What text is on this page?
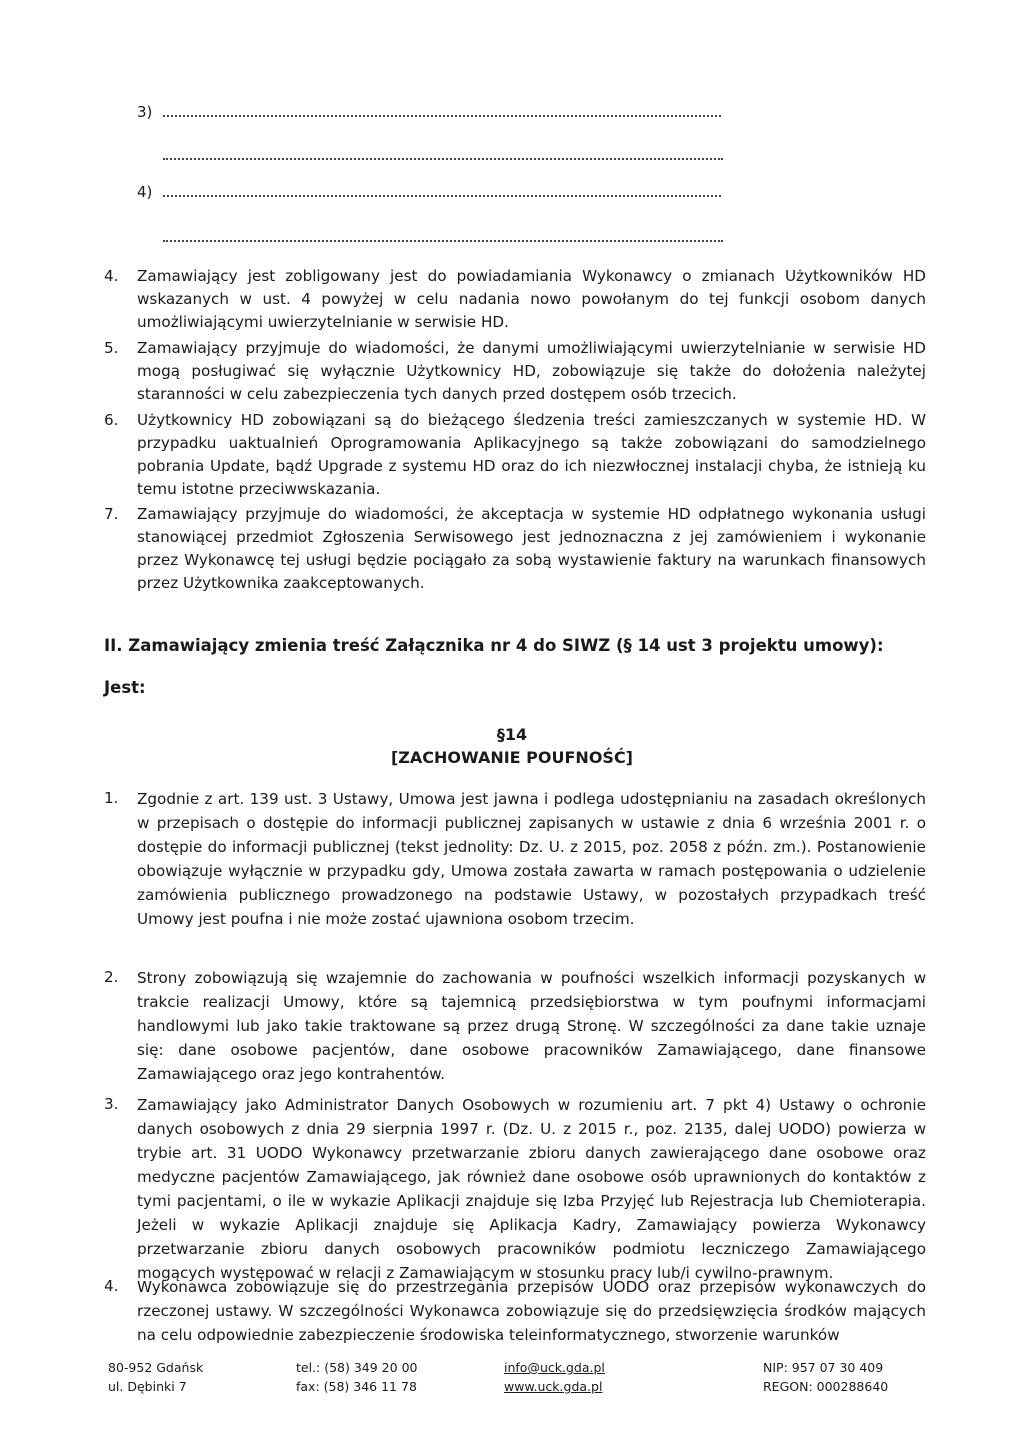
3)
4)
4. Zamawiający jest zobligowany jest do powiadamiania Wykonawcy o zmianach Użytkowników HD wskazanych w ust. 4 powyżej w celu nadania nowo powołanym do tej funkcji osobom danych umożliwiającymi uwierzytelnianie w serwisie HD.
5. Zamawiający przyjmuje do wiadomości, że danymi umożliwiającymi uwierzytelnianie w serwisie HD mogą posługiwać się wyłącznie Użytkownicy HD, zobowiązuje się także do dołożenia należytej staranności w celu zabezpieczenia tych danych przed dostępem osób trzecich.
6. Użytkownicy HD zobowiązani są do bieżącego śledzenia treści zamieszczanych w systemie HD. W przypadku uaktualnień Oprogramowania Aplikacyjnego są także zobowiązani do samodzielnego pobrania Update, bądź Upgrade z systemu HD oraz do ich niezwłocznej instalacji chyba, że istnieją ku temu istotne przeciwwskazania.
7. Zamawiający przyjmuje do wiadomości, że akceptacja w systemie HD odpłatnego wykonania usługi stanowiącej przedmiot Zgłoszenia Serwisowego jest jednoznaczna z jej zamówieniem i wykonanie przez Wykonawcę tej usługi będzie pociągało za sobą wystawienie faktury na warunkach finansowych przez Użytkownika zaakceptowanych.
II. Zamawiający zmienia treść Załącznika nr 4 do SIWZ (§ 14 ust 3 projektu umowy):
Jest:
§14
[ZACHOWANIE POUFNOŚĆ]
1. Zgodnie z art. 139 ust. 3 Ustawy, Umowa jest jawna i podlega udostępnianiu na zasadach określonych w przepisach o dostępie do informacji publicznej zapisanych w ustawie z dnia 6 września 2001 r. o dostępie do informacji publicznej (tekst jednolity: Dz. U. z 2015, poz. 2058 z późn. zm.). Postanowienie obowiązuje wyłącznie w przypadku gdy, Umowa została zawarta w ramach postępowania o udzielenie zamówienia publicznego prowadzonego na podstawie Ustawy, w pozostałych przypadkach treść Umowy jest poufna i nie może zostać ujawniona osobom trzecim.
2. Strony zobowiązują się wzajemnie do zachowania w poufności wszelkich informacji pozyskanych w trakcie realizacji Umowy, które są tajemnicą przedsiębiorstwa w tym poufnymi informacjami handlowymi lub jako takie traktowane są przez drugą Stronę. W szczególności za dane takie uznaje się: dane osobowe pacjentów, dane osobowe pracowników Zamawiającego, dane finansowe Zamawiającego oraz jego kontrahentów.
3. Zamawiający jako Administrator Danych Osobowych w rozumieniu art. 7 pkt 4) Ustawy o ochronie danych osobowych z dnia 29 sierpnia 1997 r. (Dz. U. z 2015 r., poz. 2135, dalej UODO) powierza w trybie art. 31 UODO Wykonawcy przetwarzanie zbioru danych zawierającego dane osobowe oraz medyczne pacjentów Zamawiającego, jak również dane osobowe osób uprawnionych do kontaktów z tymi pacjentami, o ile w wykazie Aplikacji znajduje się Izba Przyjęć lub Rejestracja lub Chemioterapia. Jeżeli w wykazie Aplikacji znajduje się Aplikacja Kadry, Zamawiający powierza Wykonawcy przetwarzanie zbioru danych osobowych pracowników podmiotu leczniczego Zamawiającego mogących występować w relacji z Zamawiającym w stosunku pracy lub/i cywilno-prawnym.
4. Wykonawca zobowiązuje się do przestrzegania przepisów UODO oraz przepisów wykonawczych do rzeczonej ustawy. W szczególności Wykonawca zobowiązuje się do przedsięwzięcia środków mających na celu odpowiednie zabezpieczenie środowiska teleinformatycznego, stworzenie warunków
80-952 Gdańsk
ul. Dębinki 7
tel.: (58) 349 20 00
fax: (58) 346 11 78
info@uck.gda.pl
www.uck.gda.pl
NIP: 957 07 30 409
REGON: 000288640
